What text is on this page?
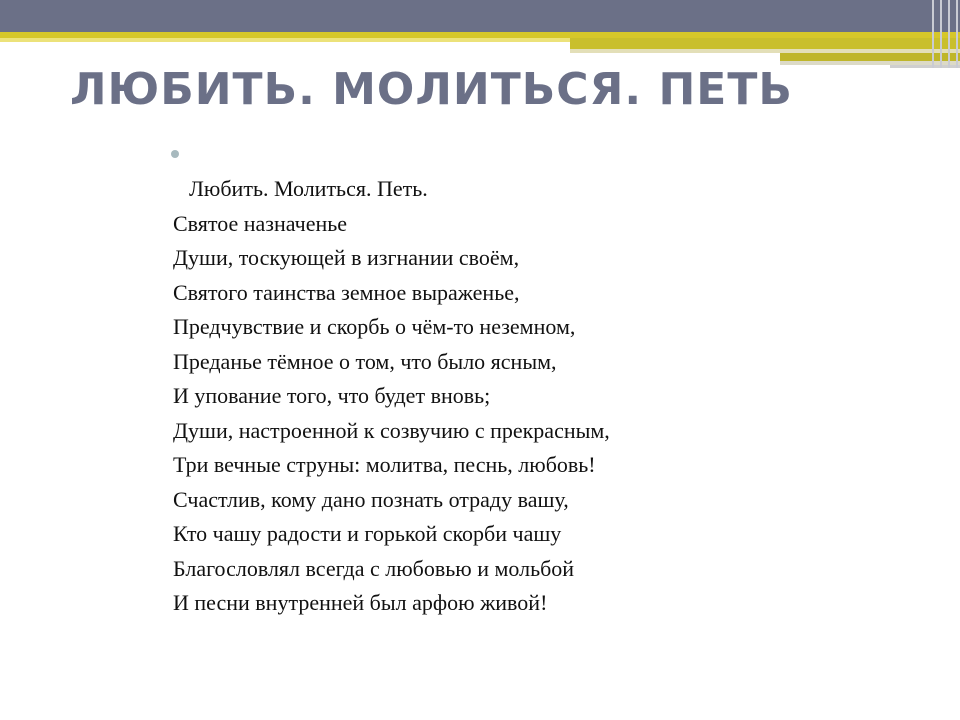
ЛЮБИТЬ. МОЛИТЬСЯ. ПЕТЬ
Любить. Молиться. Петь.
Святое назначенье
Души, тоскующей в изгнании своём,
Святого таинства земное выраженье,
Предчувствие и скорбь о чём-то неземном,
Преданье тёмное о том, что было ясным,
И упование того, что будет вновь;
Души, настроенной к созвучию с прекрасным,
Три вечные струны: молитва, песнь, любовь!
Счастлив, кому дано познать отраду вашу,
Кто чашу радости и горькой скорби чашу
Благословлял всегда с любовью и мольбой
И песни внутренней был арфою живой!
